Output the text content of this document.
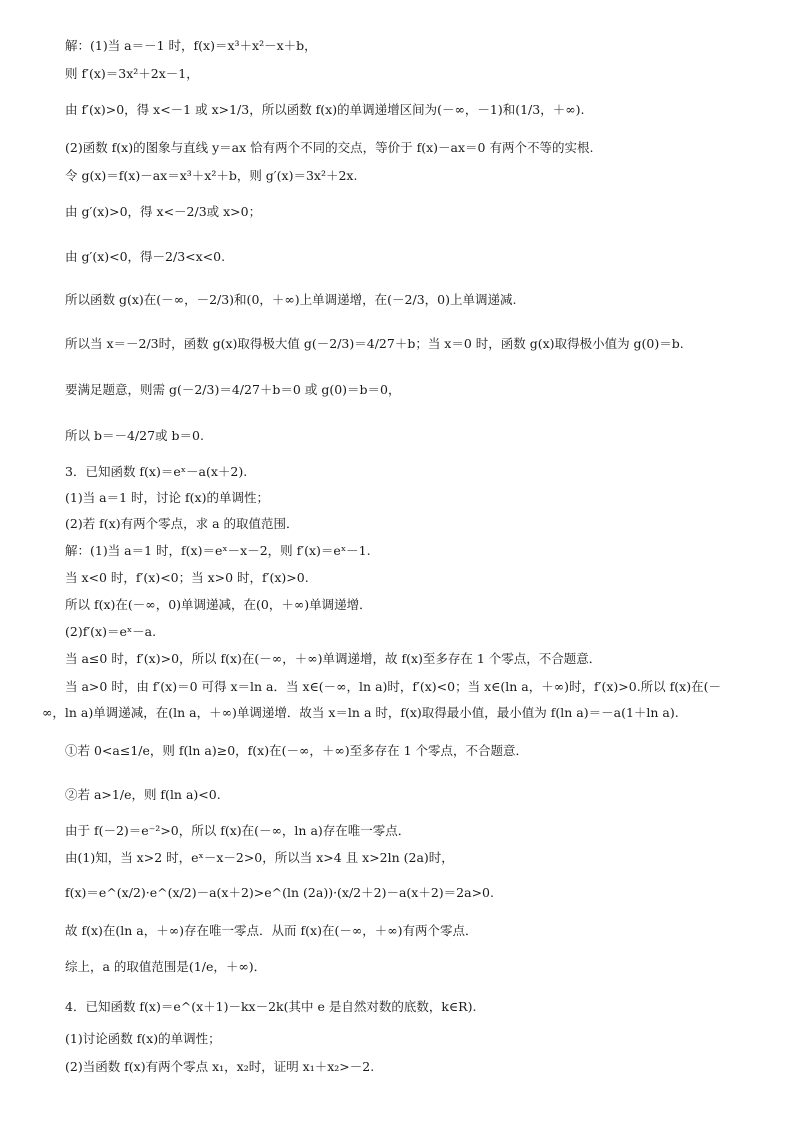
解：(1)当 a＝－1 时，f(x)＝x³＋x²－x＋b，
则 f′(x)＝3x²＋2x－1，
由 f′(x)>0，得 x<－1 或 x>1/3，所以函数 f(x)的单调递增区间为(－∞，－1)和(1/3，＋∞).
(2)函数 f(x)的图象与直线 y＝ax 恰有两个不同的交点，等价于 f(x)－ax＝0 有两个不等的实根.
令 g(x)＝f(x)－ax＝x³＋x²＋b，则 g′(x)＝3x²＋2x.
由 g′(x)>0，得 x<－2/3或 x>0；
由 g′(x)<0，得－2/3<x<0.
所以函数 g(x)在(－∞，－2/3)和(0，＋∞)上单调递增，在(－2/3，0)上单调递减.
所以当 x＝－2/3时，函数 g(x)取得极大值 g(－2/3)＝4/27＋b；当 x＝0 时，函数 g(x)取得极小值为 g(0)＝b.
要满足题意，则需 g(－2/3)＝4/27＋b＝0 或 g(0)＝b＝0，
所以 b＝－4/27或 b＝0.
3．已知函数 f(x)＝eˣ－a(x＋2).
(1)当 a＝1 时，讨论 f(x)的单调性；
(2)若 f(x)有两个零点，求 a 的取值范围．
解：(1)当 a＝1 时，f(x)＝eˣ－x－2，则 f′(x)＝eˣ－1.
当 x<0 时，f′(x)<0；当 x>0 时，f′(x)>0.
所以 f(x)在(－∞，0)单调递减，在(0，＋∞)单调递增．
(2)f′(x)＝eˣ－a.
当 a≤0 时，f′(x)>0，所以 f(x)在(－∞，＋∞)单调递增，故 f(x)至多存在 1 个零点，不合题意．
当 a>0 时，由 f′(x)＝0 可得 x＝ln a．当 x∈(－∞，ln a)时，f′(x)<0；当 x∈(ln a，＋∞)时，f′(x)>0.所以 f(x)在(－
∞，ln a)单调递减，在(ln a，＋∞)单调递增．故当 x＝ln a 时，f(x)取得最小值，最小值为 f(ln a)＝－a(1＋ln a).
①若 0<a≤1/e，则 f(ln a)≥0，f(x)在(－∞，＋∞)至多存在 1 个零点，不合题意．
②若 a>1/e，则 f(ln a)<0.
由于 f(－2)＝e⁻²>0，所以 f(x)在(－∞，ln a)存在唯一零点．
由(1)知，当 x>2 时，eˣ－x－2>0，所以当 x>4 且 x>2ln (2a)时，
f(x)＝e^(x/2)·e^(x/2)－a(x＋2)>e^(ln (2a))·(x/2＋2)－a(x＋2)＝2a>0.
故 f(x)在(ln a，＋∞)存在唯一零点．从而 f(x)在(－∞，＋∞)有两个零点．
综上，a 的取值范围是(1/e，＋∞)．
4．已知函数 f(x)＝e^(x＋1)－kx－2k(其中 e 是自然对数的底数，k∈R).
(1)讨论函数 f(x)的单调性；
(2)当函数 f(x)有两个零点 x₁，x₂时，证明 x₁＋x₂>－2.
